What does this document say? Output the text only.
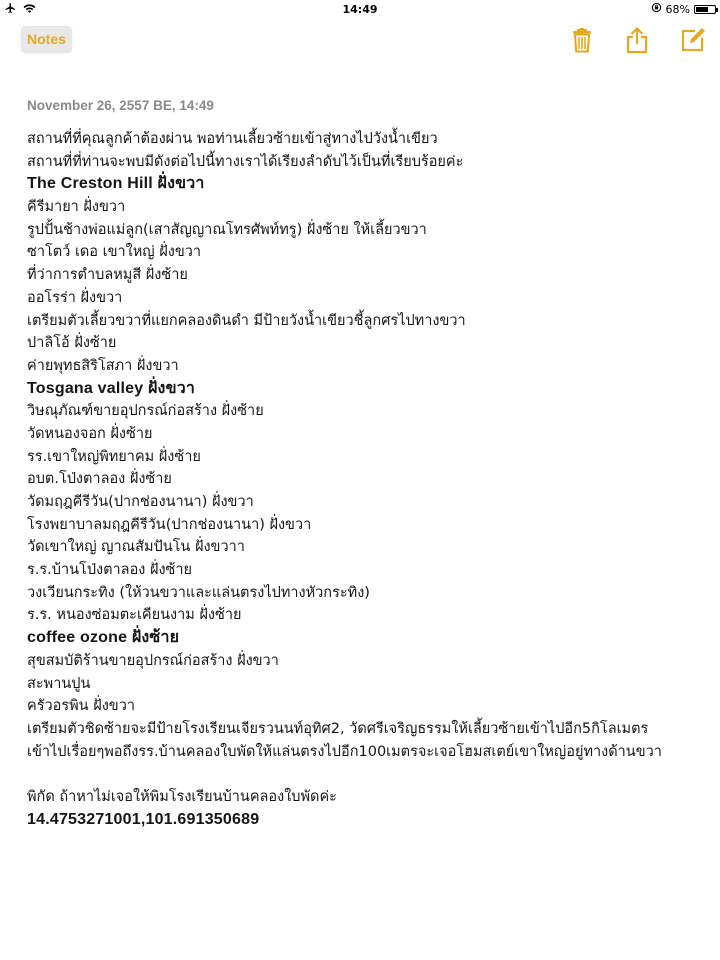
14:49	68%
Notes
November 26, 2557 BE, 14:49
สถานที่ที่คุณลูกค้าต้องผ่าน พอท่านเลี้ยวซ้ายเข้าสู่ทางไปวังน้ำเขียว
สถานที่ที่ท่านจะพบมีดังต่อไปนี้ทางเราได้เรียงลำดับไว้เป็นที่เรียบร้อยค่ะ
The Creston Hill ฝั่งขวา
คีรีมายา ฝั่งขวา
รูปปั้นช้างพ่อแม่ลูก(เสาสัญญาณโทรศัพท์ทรู) ฝั่งซ้าย ให้เลี้ยวขวา
ซาโตว์ เดอ เขาใหญ่ ฝั่งขวา
ที่ว่าการตำบลหมูสี ฝั่งซ้าย
ออโรร่า ฝั่งขวา
เตรียมตัวเลี้ยวขวาที่แยกคลองดินดำ มีป้ายวังน้ำเขียวชี้ลูกศรไปทางขวา
ปาลิโอ้ ฝั่งซ้าย
ค่ายพุทธสิริโสภา ฝั่งขวา
Tosgana valley ฝั่งขวา
วิษณุภัณฑ์ขายอุปกรณ์ก่อสร้าง ฝั่งซ้าย
วัดหนองจอก ฝั่งซ้าย
รร.เขาใหญ่พิทยาคม ฝั่งซ้าย
อบต.โป่งตาลอง ฝั่งซ้าย
วัดมฤฎคีรีวัน(ปากช่องนานา) ฝั่งขวา
โรงพยาบาลมฤฎคีรีวัน(ปากช่องนานา) ฝั่งขวา
วัดเขาใหญ่ ญาณสัมปันโน ฝั่งขวาา
ร.ร.บ้านโป่งตาลอง ฝั่งซ้าย
วงเวียนกระทิง (ให้วนขวาและแล่นตรงไปทางหัวกระทิง)
ร.ร. หนองซ่อมตะเคียนงาม ฝั่งซ้าย
coffee ozone ฝั่งซ้าย
สุขสมบัติร้านขายอุปกรณ์ก่อสร้าง ฝั่งขวา
สะพานปูน
ครัวอรพิน ฝั่งขวา
เตรียมตัวชิดซ้ายจะมีป้ายโรงเรียนเจียรวนนท์อุทิศ2, วัดศรีเจริญธรรมให้เลี้ยวซ้ายเข้าไปอีก5กิโลเมตร
เข้าไปเรื่อยๆพอถึงรร.บ้านคลองใบพัดให้แล่นตรงไปอีก100เมตรจะเจอโฮมสเตย์เขาใหญ่อยู่ทางด้านขวา
พิกัด ถ้าหาไม่เจอให้พิมโรงเรียนบ้านคลองใบพัดค่ะ
14.4753271001,101.691350689
